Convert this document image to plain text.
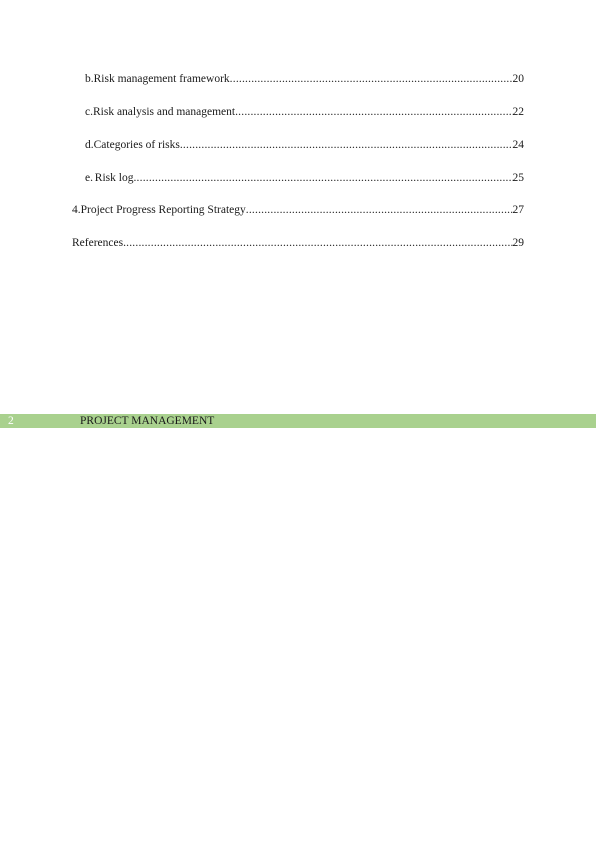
b. Risk management framework .....	20
c. Risk analysis and management .....	22
d. Categories of risks .....	24
e. Risk log .....	25
4. Project Progress Reporting Strategy .....	27
References .....	29
2	PROJECT MANAGEMENT
